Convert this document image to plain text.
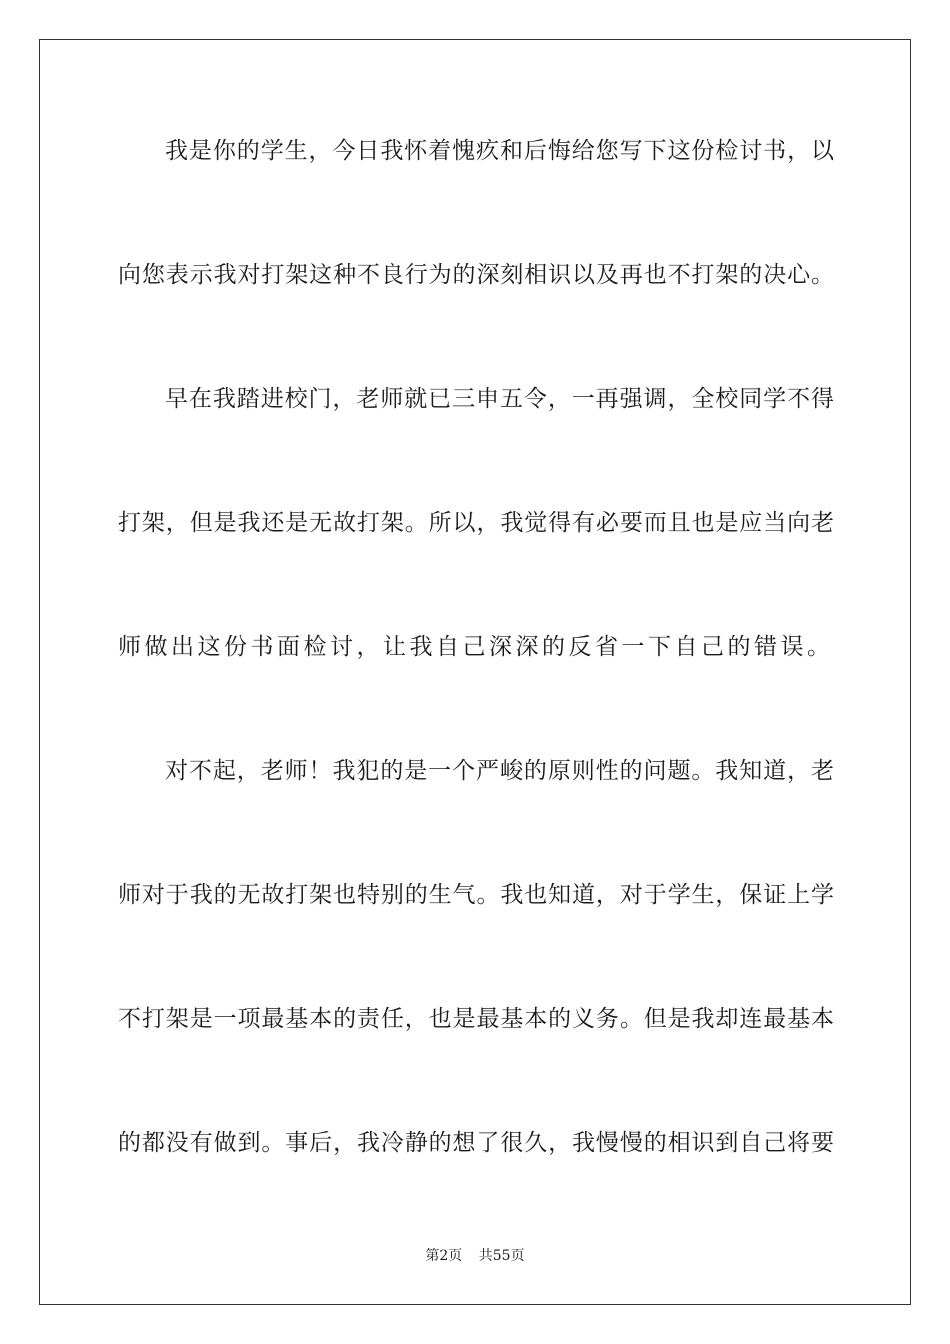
我是你的学生，今日我怀着愧疚和后悔给您写下这份检讨书，以
向您表示我对打架这种不良行为的深刻相识以及再也不打架的决心。
早在我踏进校门，老师就已三申五令，一再强调，全校同学不得
打架，但是我还是无故打架。所以，我觉得有必要而且也是应当向老
师做出这份书面检讨，让我自己深深的反省一下自己的错误。
对不起，老师！我犯的是一个严峻的原则性的问题。我知道，老
师对于我的无故打架也特别的生气。我也知道，对于学生，保证上学
不打架是一项最基本的责任，也是最基本的义务。但是我却连最基本
的都没有做到。事后，我冷静的想了很久，我慢慢的相识到自己将要
第2页 共55页
